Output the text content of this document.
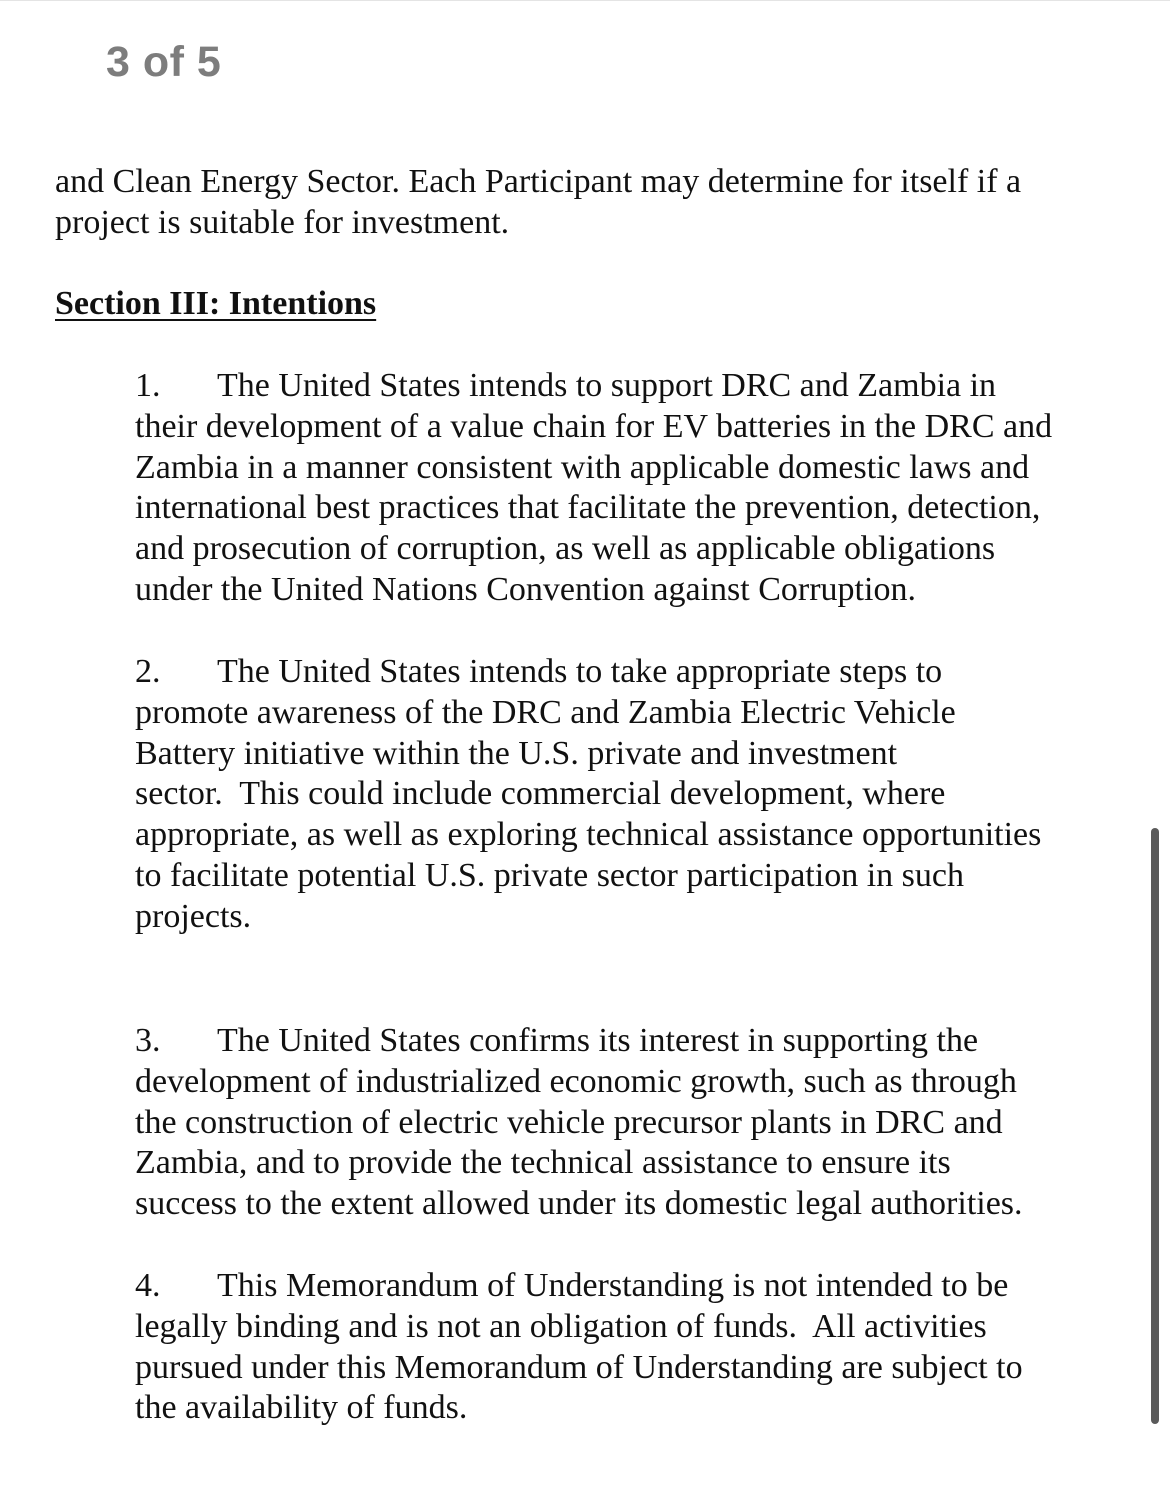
3 of 5

and Clean Energy Sector. Each Participant may determine for itself if a
project is suitable for investment.

Section III: Intentions

1. The United States intends to support DRC and Zambia in
their development of a value chain for EV batteries in the DRC and
Zambia in a manner consistent with applicable domestic laws and
international best practices that facilitate the prevention, detection,
and prosecution of corruption, as well as applicable obligations
under the United Nations Convention against Corruption.

2. The United States intends to take appropriate steps to
promote awareness of the DRC and Zambia Electric Vehicle
Battery initiative within the U.S. private and investment
sector.  This could include commercial development, where
appropriate, as well as exploring technical assistance opportunities
to facilitate potential U.S. private sector participation in such
projects.

3. The United States confirms its interest in supporting the
development of industrialized economic growth, such as through
the construction of electric vehicle precursor plants in DRC and
Zambia, and to provide the technical assistance to ensure its
success to the extent allowed under its domestic legal authorities.

4. This Memorandum of Understanding is not intended to be
legally binding and is not an obligation of funds.  All activities
pursued under this Memorandum of Understanding are subject to
the availability of funds.
